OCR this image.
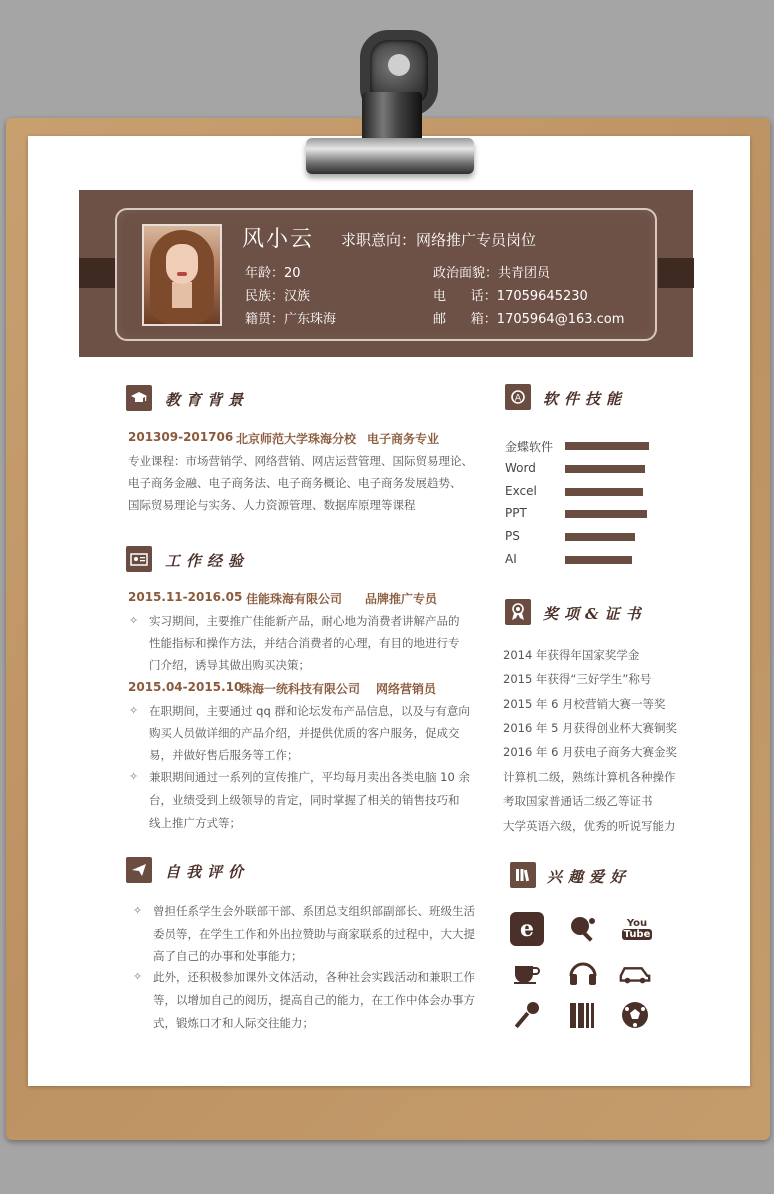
风小云 求职意向：网络推广专员岗位
年龄：20
民族：汉族
籍贯：广东珠海
政治面貌：共青团员
电      话：17059645230
邮      箱：1705964@163.com
教育背景
201309-201706 北京师范大学珠海分校 电子商务专业
专业课程：市场营销学、网络营销、网店运营管理、国际贸易理论、
电子商务金融、电子商务法、电子商务概论、电子商务发展趋势、
国际贸易理论与实务、人力资源管理、数据库原理等课程
工作经验
2015.11-2016.05 佳能珠海有限公司 品牌推广专员
✧ 实习期间，主要推广佳能新产品，耐心地为消费者讲解产品的
性能指标和操作方法，并结合消费者的心理，有目的地进行专
门介绍，诱导其做出购买决策；
2015.04-2015.10
珠海一统科技有限公司 网络营销员
✧ 在职期间，主要通过 qq 群和论坛发布产品信息，以及与有意向
购买人员做详细的产品介绍，并提供优质的客户服务，促成交
易，并做好售后服务等工作；
✧ 兼职期间通过一系列的宣传推广，平均每月卖出各类电脑 10 余
台，业绩受到上级领导的肯定，同时掌握了相关的销售技巧和
线上推广方式等；
自我评价
✧ 曾担任系学生会外联部干部、系团总支组织部副部长、班级生活
委员等，在学生工作和外出拉赞助与商家联系的过程中，大大提
高了自己的办事和处事能力；
✧ 此外，还积极参加课外文体活动，各种社会实践活动和兼职工作
等，以增加自己的阅历，提高自己的能力，在工作中体会办事方
式，锻炼口才和人际交往能力；
A 软件技能
金蝶软件
Word
Excel
PPT
PS
AI
奖项&证书
2014 年获得年国家奖学金
2015 年获得“三好学生”称号
2015 年 6 月校营销大赛一等奖
2016 年 5 月获得创业杯大赛铜奖
2016 年 6 月获电子商务大赛金奖
计算机二级，熟练计算机各种操作
考取国家普通话二级乙等证书
大学英语六级，优秀的听说写能力
兴趣爱好
e	You
Tube
